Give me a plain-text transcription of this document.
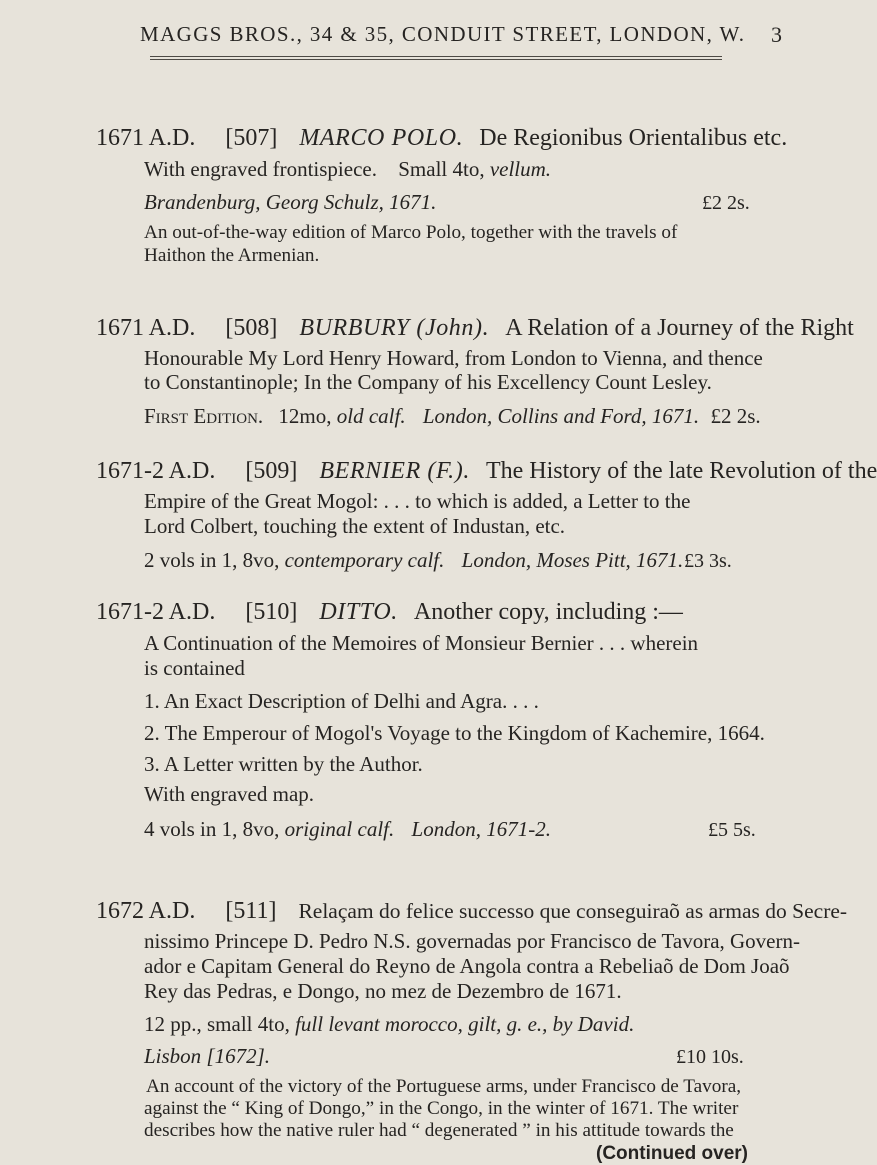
MAGGS BROS., 34 & 35, CONDUIT STREET, LONDON, W. 3
1671 A.D. [507] MARCO POLO. De Regionibus Orientalibus etc.
With engraved frontispiece. Small 4to, vellum.
Brandenburg, Georg Schulz, 1671.	£2 2s.
An out-of-the-way edition of Marco Polo, together with the travels of
Haithon the Armenian.
1671 A.D. [508] BURBURY (John). A Relation of a Journey of the Right
Honourable My Lord Henry Howard, from London to Vienna, and thence
to Constantinople; In the Company of his Excellency Count Lesley.
First Edition. 12mo, old calf. London, Collins and Ford, 1671. £2 2s.
1671-2 A.D. [509] BERNIER (F.). The History of the late Revolution of the
Empire of the Great Mogol: . . . to which is added, a Letter to the
Lord Colbert, touching the extent of Industan, etc.
2 vols in 1, 8vo, contemporary calf. London, Moses Pitt, 1671. £3 3s.
1671-2 A.D. [510] DITTO. Another copy, including :—
A Continuation of the Memoires of Monsieur Bernier . . . wherein
is contained
1. An Exact Description of Delhi and Agra. . . .
2. The Emperour of Mogol's Voyage to the Kingdom of Kachemire, 1664.
3. A Letter written by the Author.
With engraved map.
4 vols in 1, 8vo, original calf. London, 1671-2.	£5 5s.
1672 A.D. [511] Relaçam do felice successo que conseguiraõ as armas do Secre-
nissimo Princepe D. Pedro N.S. governadas por Francisco de Tavora, Govern-
ador e Capitam General do Reyno de Angola contra a Rebeliaõ de Dom Joaõ
Rey das Pedras, e Dongo, no mez de Dezembro de 1671.
12 pp., small 4to, full levant morocco, gilt, g. e., by David.
Lisbon [1672].	£10 10s.
An account of the victory of the Portuguese arms, under Francisco de Tavora,
against the “ King of Dongo,” in the Congo, in the winter of 1671. The writer
describes how the native ruler had “ degenerated ” in his attitude towards the
(Continued over)
